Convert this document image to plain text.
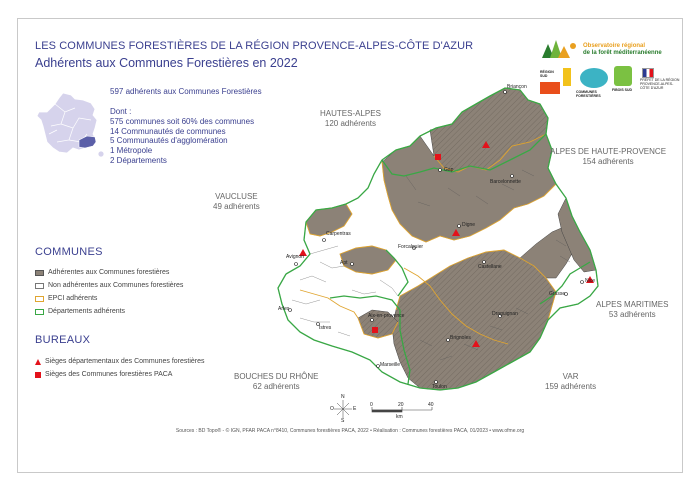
LES COMMUNES FORESTIÈRES DE LA RÉGION PROVENCE-ALPES-CÔTE D'AZUR
Adhérents aux Communes Forestières en 2022
597 adhérents aux Communes Forestières
Dont :
575 communes soit 60% des communes
14 Communautés de communes
5 Communautés d'agglomération
1 Métropole
2 Départements
N
O	E
S
0	20	40
km
Briançon
Gap
Barcelonnette
Digne
Forcalquier
Castellane
Carpentras
Avignon
Apt
Arles
Istres
Aix-en-provence
Brignoles
Draguignan
Marseille
Toulon
Grasse
Nice
HAUTES-ALPES
120 adhérents
ALPES DE HAUTE-PROVENCE
154 adhérents
VAUCLUSE
49 adhérents
ALPES MARITIMES
53 adhérents
BOUCHES DU RHÔNE
62 adhérents
VAR
159 adhérents
COMMUNES
Adhérentes aux Communes forestières
Non adhérentes aux Communes forestières
EPCI adhérents
Départements adhérents
BUREAUX
Sièges départementaux des Communes forestières
Sièges des Communes forestières PACA
Observatoire régional
de la forêt méditerranéenne
RÉGION SUD
COMMUNES FORESTIÈRES
FIBOIS SUD
PRÉFET DE LA RÉGION PROVENCE-ALPES-CÔTE D'AZUR
Sources : BD Topo® - © IGN, PFAR PACA n°8410, Communes forestières PACA, 2022 • Réalisation : Communes forestières PACA, 01/2023 • www.ofme.org
